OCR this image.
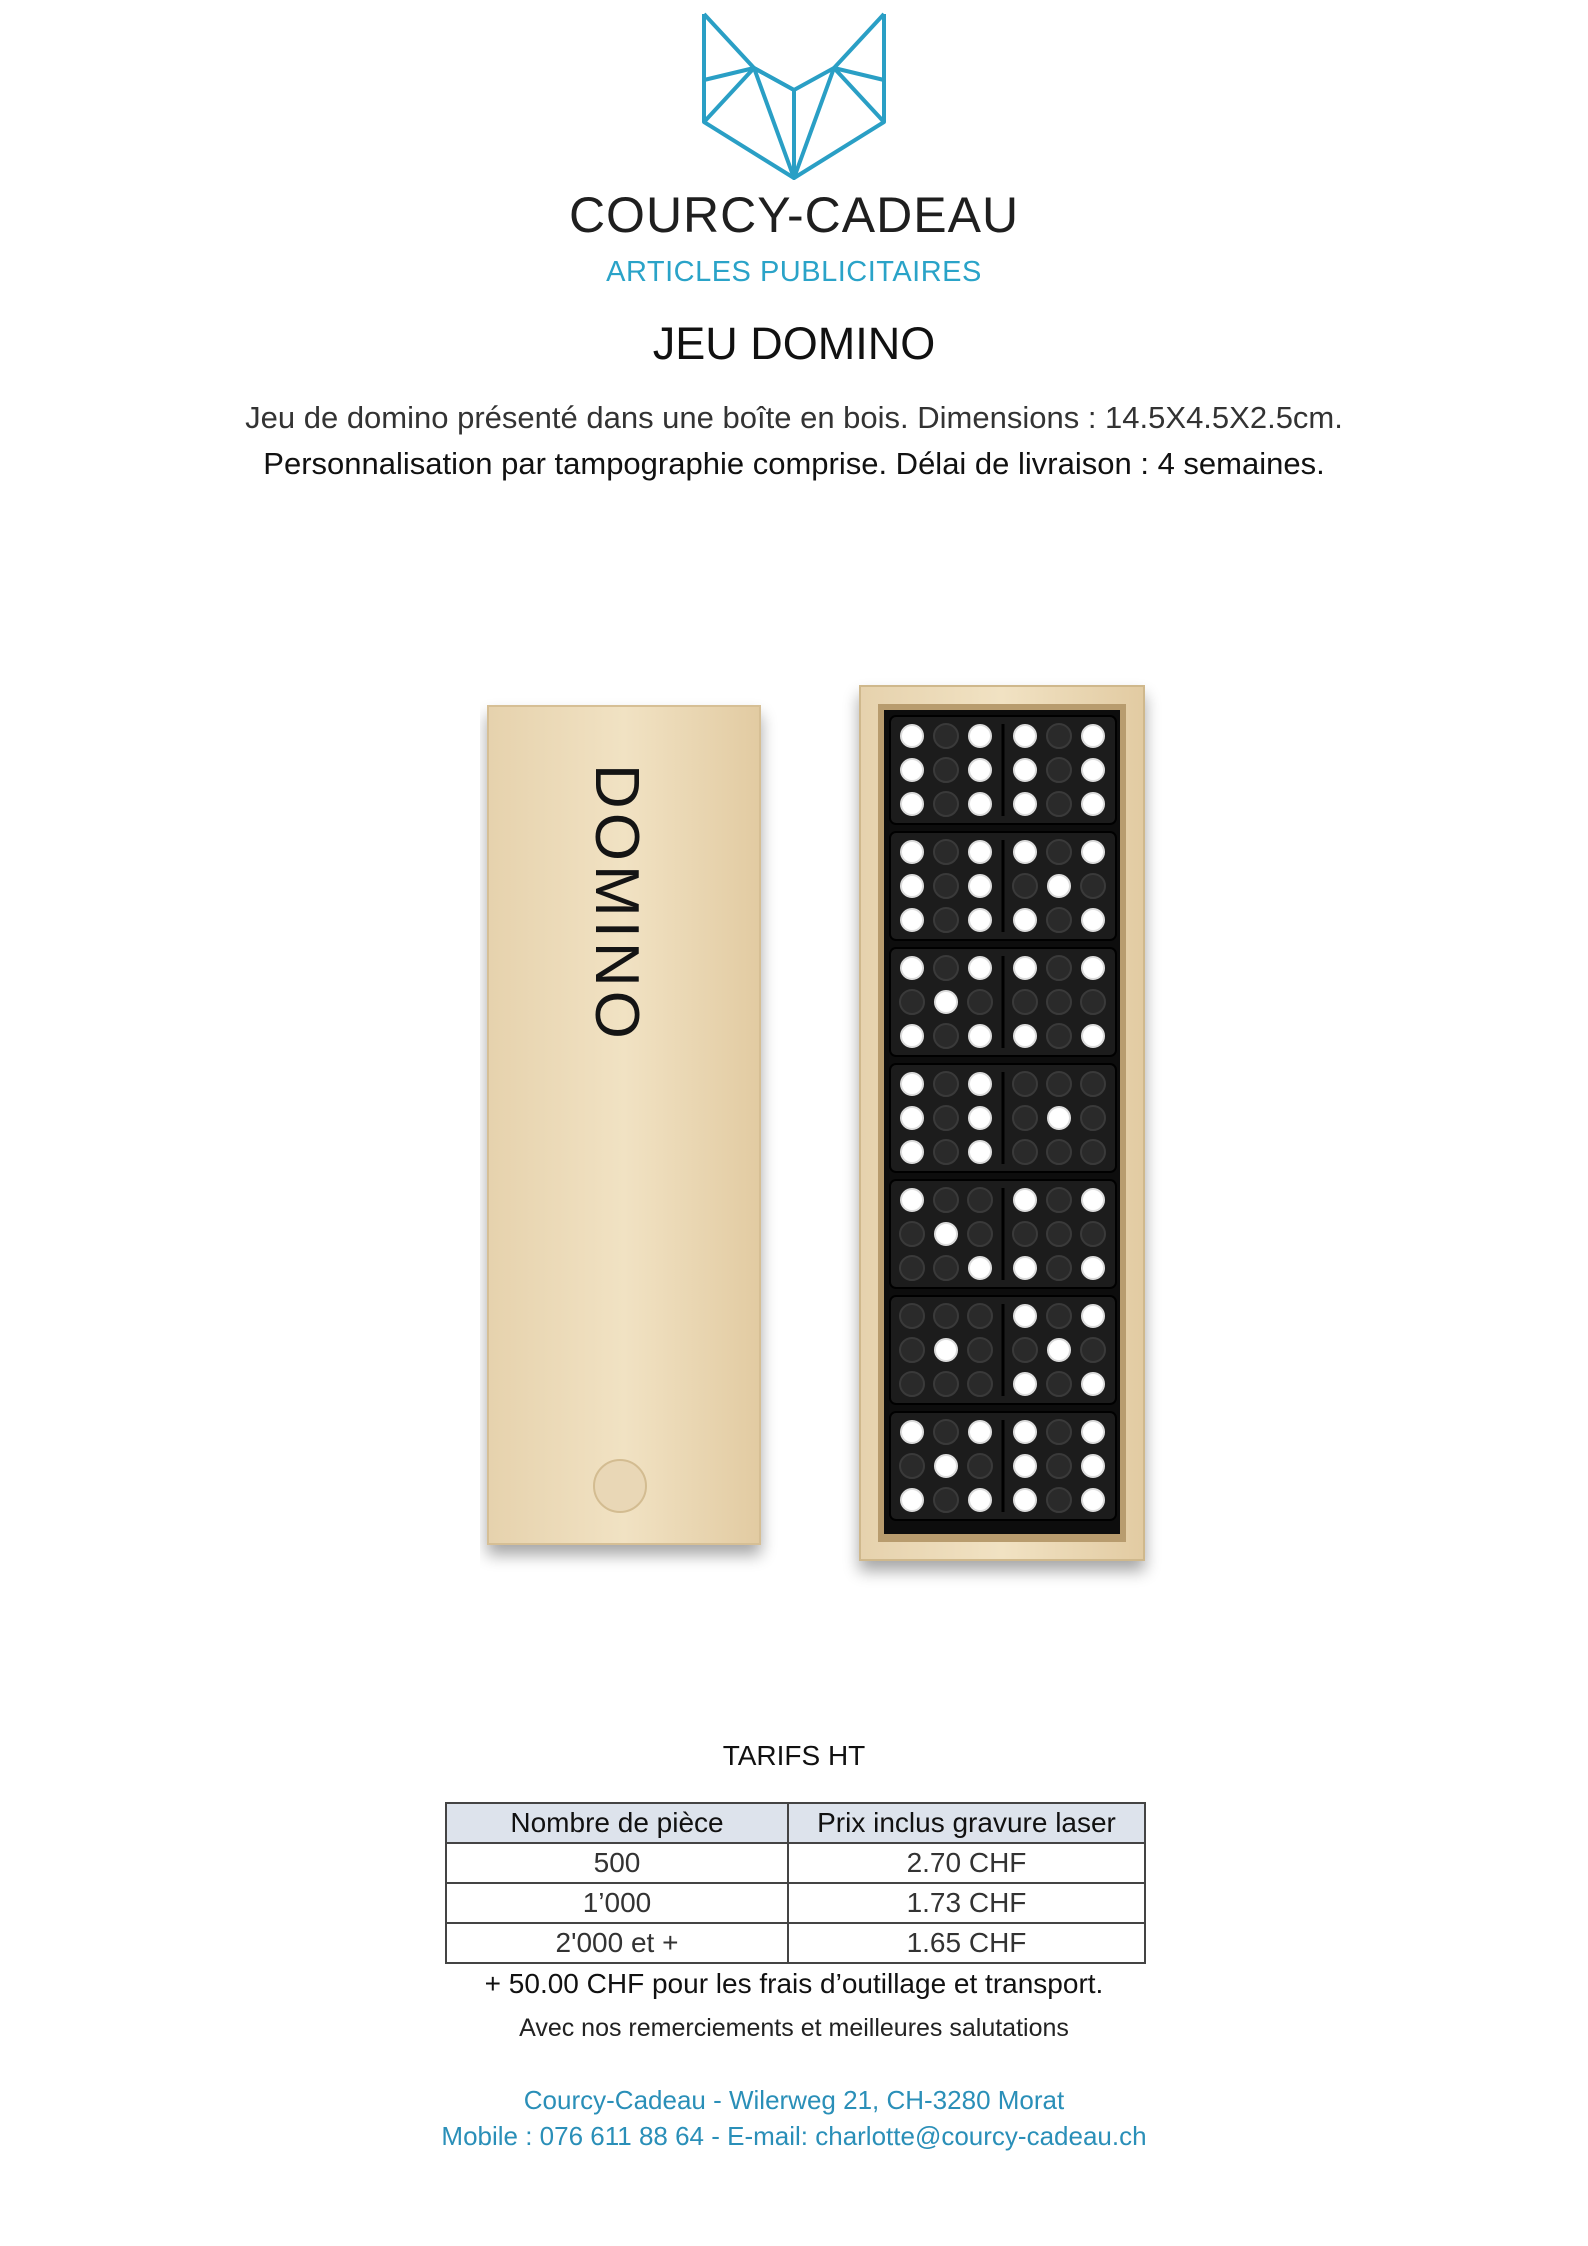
COURCY-CADEAU
ARTICLES PUBLICITAIRES
JEU DOMINO
Jeu de domino présenté dans une boîte en bois. Dimensions : 14.5X4.5X2.5cm.
Personnalisation par tampographie comprise. Délai de livraison : 4 semaines.
DOMINO
TARIFS HT
Nombre de pièce	Prix inclus gravure laser
500	2.70 CHF
1’000	1.73 CHF
2'000 et +	1.65 CHF
+ 50.00 CHF pour les frais d’outillage et transport.
Avec nos remerciements et meilleures salutations
Courcy-Cadeau - Wilerweg 21, CH-3280 Morat
Mobile : 076 611 88 64 - E-mail: charlotte@courcy-cadeau.ch
